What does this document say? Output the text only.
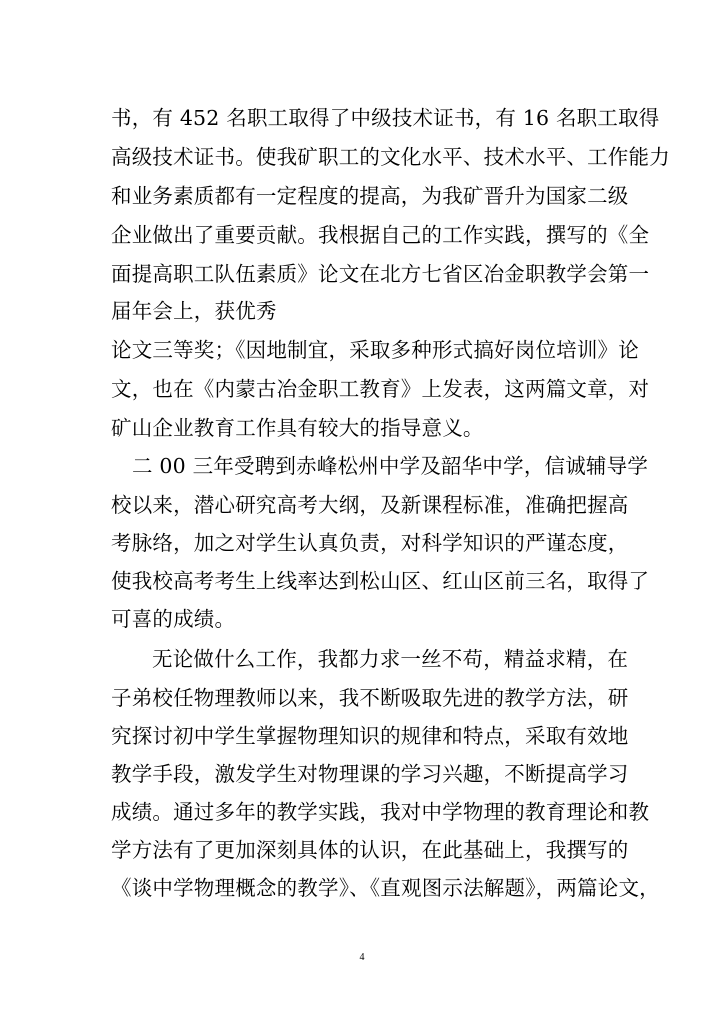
书，有 452 名职工取得了中级技术证书，有 16 名职工取得
高级技术证书。使我矿职工的文化水平、技术水平、工作能力
和业务素质都有一定程度的提高，为我矿晋升为国家二级
企业做出了重要贡献。我根据自己的工作实践，撰写的《全
面提高职工队伍素质》论文在北方七省区冶金职教学会第一
届年会上，获优秀
论文三等奖；《因地制宜，采取多种形式搞好岗位培训》论
文，也在《内蒙古冶金职工教育》上发表，这两篇文章，对
矿山企业教育工作具有较大的指导意义。
二 00 三年受聘到赤峰松州中学及韶华中学，信诚辅导学
校以来，潜心研究高考大纲，及新课程标准，准确把握高
考脉络，加之对学生认真负责，对科学知识的严谨态度，
使我校高考考生上线率达到松山区、红山区前三名，取得了
可喜的成绩。
无论做什么工作，我都力求一丝不苟，精益求精，在
子弟校任物理教师以来，我不断吸取先进的教学方法，研
究探讨初中学生掌握物理知识的规律和特点，采取有效地
教学手段，激发学生对物理课的学习兴趣，不断提高学习
成绩。通过多年的教学实践，我对中学物理的教育理论和教
学方法有了更加深刻具体的认识，在此基础上，我撰写的
《谈中学物理概念的教学》、《直观图示法解题》，两篇论文，
4
